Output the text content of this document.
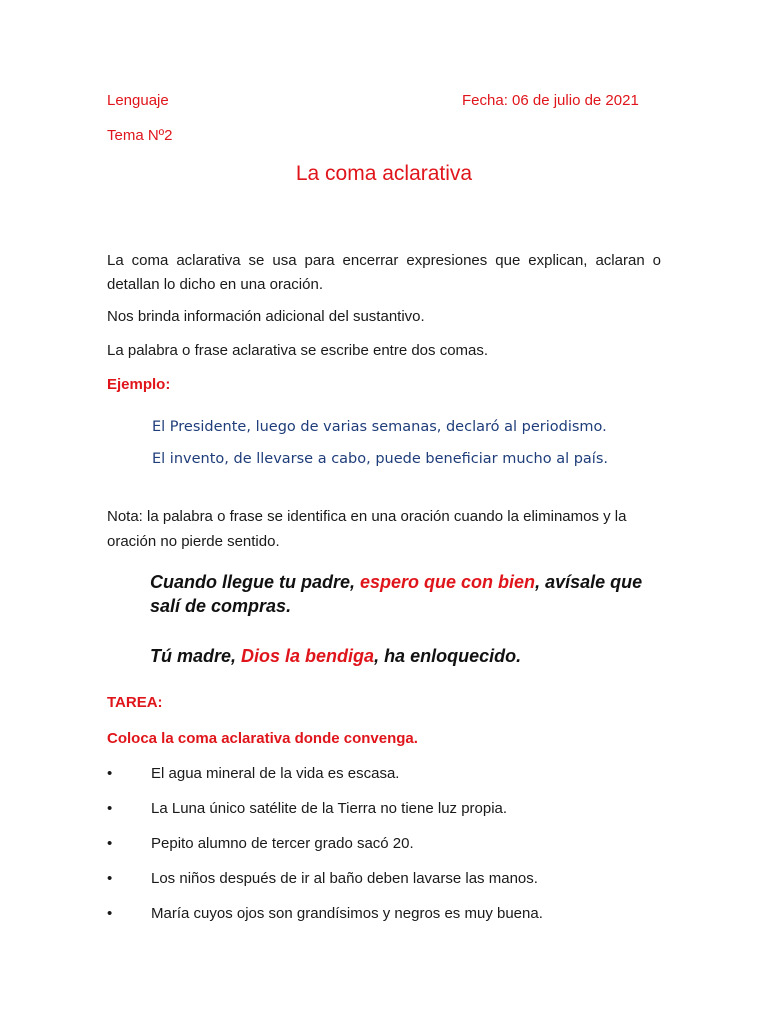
Lenguaje	Fecha: 06 de julio de 2021
Tema Nº2
La coma aclarativa
La coma aclarativa se usa para encerrar expresiones que explican, aclaran o detallan lo dicho en una oración.
Nos brinda información adicional del sustantivo.
La palabra o frase aclarativa se escribe entre dos comas.
Ejemplo:
El Presidente, luego de varias semanas, declaró al periodismo.
El invento, de llevarse a cabo, puede beneficiar mucho al país.
Nota: la palabra o frase se identifica en una oración cuando la eliminamos y la oración no pierde sentido.
Cuando llegue tu padre, espero que con bien, avísale que salí de compras.
Tú madre, Dios la bendiga, ha enloquecido.
TAREA:
Coloca la coma aclarativa donde convenga.
•	El agua mineral de la vida es escasa.
•	La Luna único satélite de la Tierra no tiene luz propia.
•	Pepito alumno de tercer grado sacó 20.
•	Los niños después de ir al baño deben lavarse las manos.
•	María cuyos ojos son grandísimos y negros es muy buena.
